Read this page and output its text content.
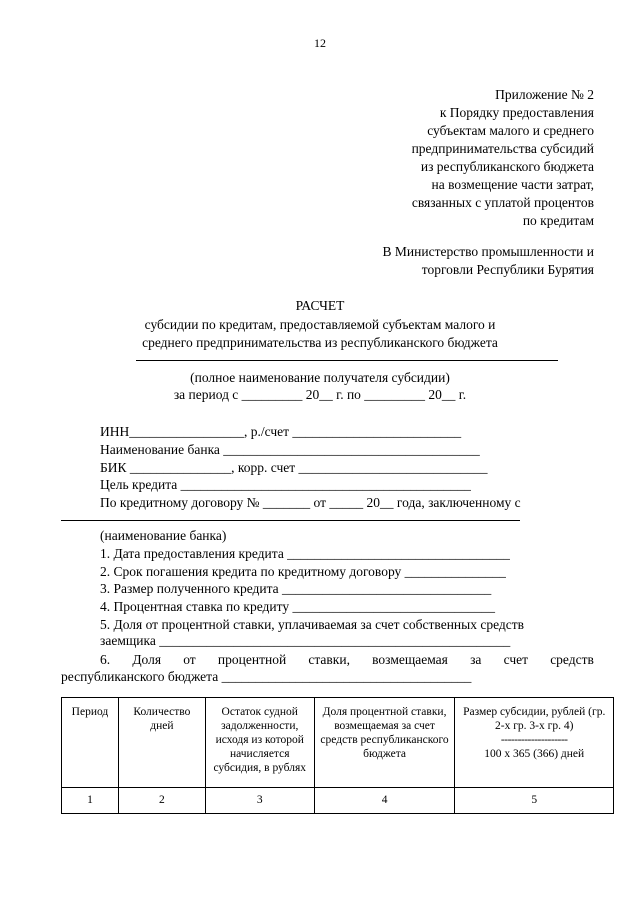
12
Приложение № 2
к Порядку предоставления
субъектам малого и среднего
предпринимательства субсидий
из республиканского бюджета
на возмещение части затрат,
связанных с уплатой процентов
по кредитам
В Министерство промышленности и
торговли Республики Бурятия
РАСЧЕТ
субсидии по кредитам, предоставляемой субъектам малого и
среднего предпринимательства из республиканского бюджета
(полное наименование получателя субсидии)
за период с _________ 20__ г. по _________ 20__ г.
ИНН_________________, р./счет _________________________
Наименование банка ______________________________________
БИК _______________, корр. счет ____________________________
Цель кредита ___________________________________________
По кредитному договору № _______ от _____ 20__ года, заключенному с
(наименование банка)
1. Дата предоставления кредита _________________________________
2. Срок погашения кредита по кредитному договору _______________
3. Размер полученного кредита _______________________________
4. Процентная ставка по кредиту ______________________________
5. Доля от процентной ставки, уплачиваемая за счет собственных средств
заемщика ____________________________________________________
6. Доля от процентной ставки, возмещаемая за счет средств
республиканского бюджета _____________________________________
Период	Количество дней	Остаток судной задолженности, исходя из которой начисляется субсидия, в рублях	Доля процентной ставки, возмещаемая за счет средств республиканского бюджета	Размер субсидии, рублей (гр. 2-х гр. 3-х гр. 4)
--------------------
100 х 365 (366) дней

1	2	3	4	5
